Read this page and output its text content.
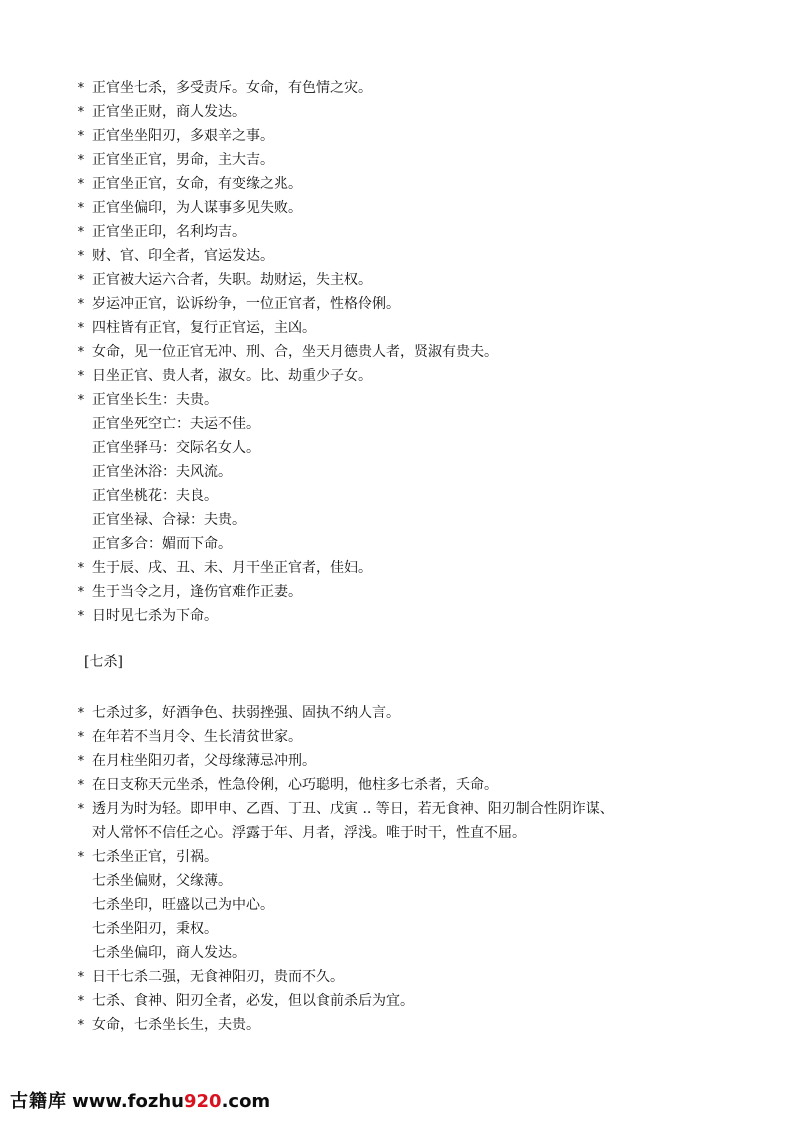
* 正官坐七杀，多受责斥。女命，有色情之灾。
* 正官坐正财，商人发达。
* 正官坐坐阳刃，多艰辛之事。
* 正官坐正官，男命，主大吉。
* 正官坐正官，女命，有变缘之兆。
* 正官坐偏印，为人谋事多见失败。
* 正官坐正印，名利均吉。
* 财、官、印全者，官运发达。
* 正官被大运六合者，失职。劫财运，失主权。
* 岁运冲正官，讼诉纷争，一位正官者，性格伶俐。
* 四柱皆有正官，复行正官运，主凶。
* 女命，见一位正官无冲、刑、合，坐天月德贵人者，贤淑有贵夫。
* 日坐正官、贵人者，淑女。比、劫重少子女。
* 正官坐长生：夫贵。
正官坐死空亡：夫运不佳。
正官坐驿马：交际名女人。
正官坐沐浴：夫风流。
正官坐桃花：夫良。
正官坐禄、合禄：夫贵。
正官多合：媚而下命。
* 生于辰、戌、丑、未、月干坐正官者，佳妇。
* 生于当令之月，逢伤官难作正妻。
* 日时见七杀为下命。
[七杀]
* 七杀过多，好酒争色、扶弱挫强、固执不纳人言。
* 在年若不当月令、生长清贫世家。
* 在月柱坐阳刃者，父母缘薄忌冲刑。
* 在日支称天元坐杀，性急伶俐，心巧聪明，他柱多七杀者，夭命。
* 透月为时为轻。即甲申、乙酉、丁丑、戊寅 .. 等日，若无食神、阳刃制合性阴诈谋、
对人常怀不信任之心。浮露于年、月者，浮浅。唯于时干，性直不屈。
* 七杀坐正官，引祸。
七杀坐偏财，父缘薄。
七杀坐印，旺盛以己为中心。
七杀坐阳刃，秉权。
七杀坐偏印，商人发达。
* 日干七杀二强，无食神阳刃，贵而不久。
* 七杀、食神、阳刃全者，必发，但以食前杀后为宜。
* 女命，七杀坐长生，夫贵。
古籍库 www.fozhu920.com
